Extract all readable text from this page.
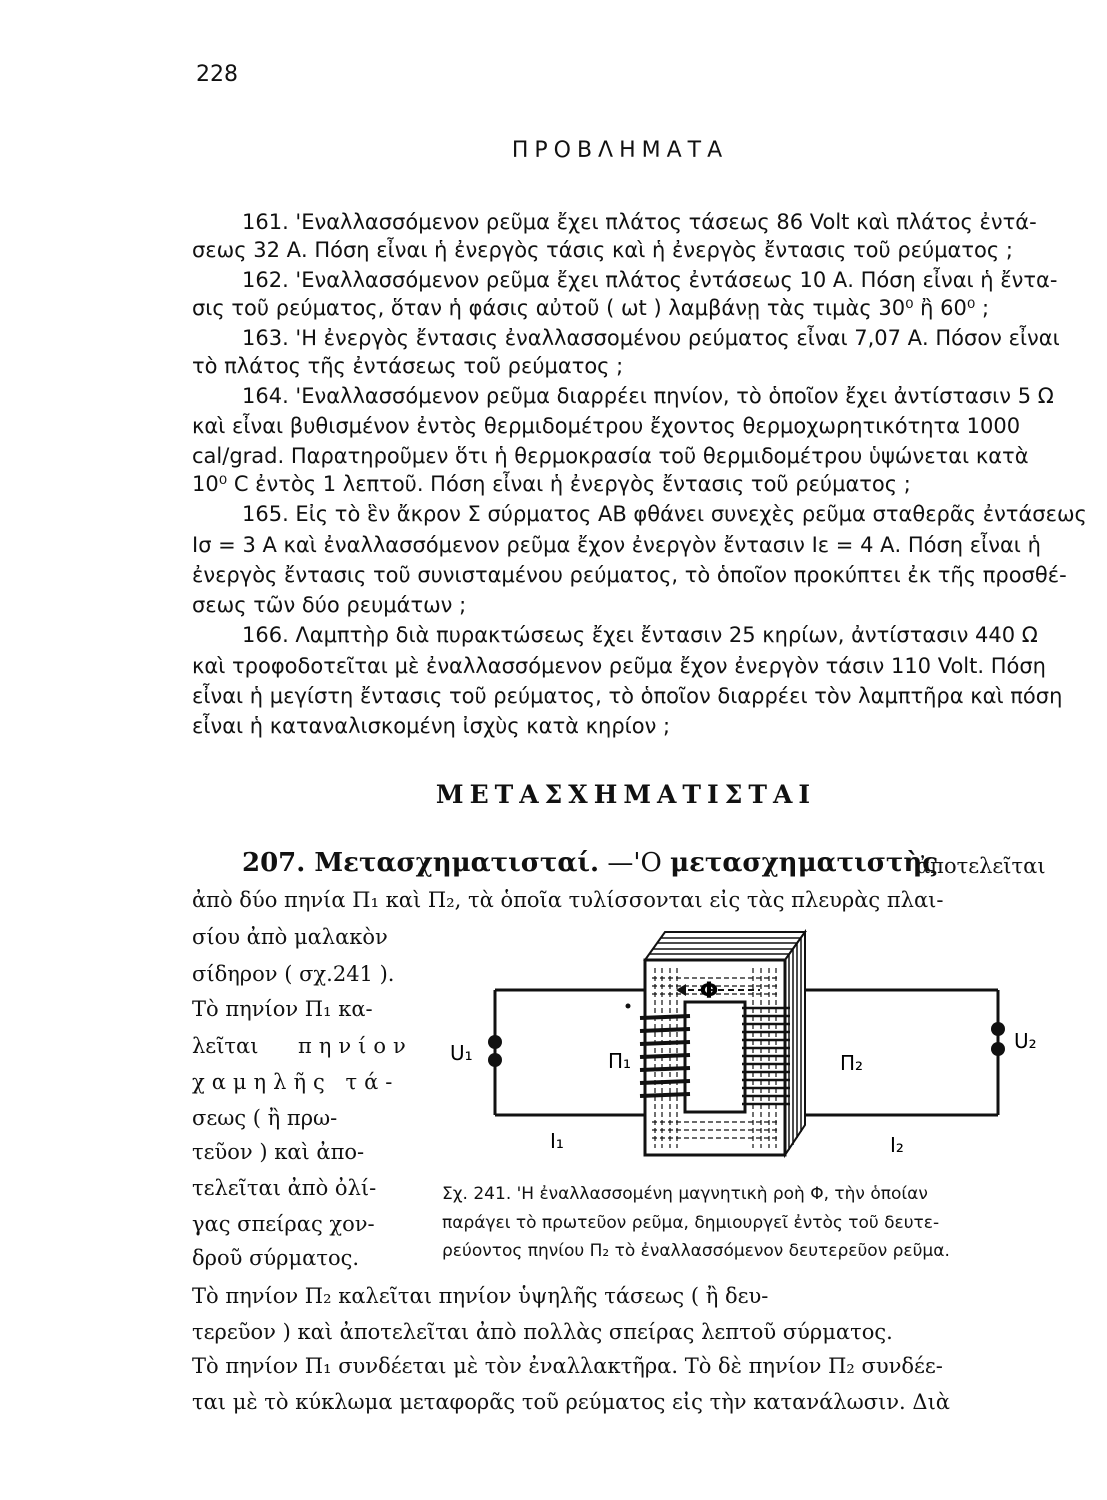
228
ΠΡΟΒΛΗΜΑΤΑ
161. 'Εναλλασσόμενον ρεῦμα ἔχει πλάτος τάσεως 86 Volt καὶ πλάτος ἐντά-
σεως 32 Α. Πόση εἶναι ἡ ἐνεργὸς τάσις καὶ ἡ ἐνεργὸς ἔντασις τοῦ ρεύματος ;
162. 'Εναλλασσόμενον ρεῦμα ἔχει πλάτος ἐντάσεως 10 Α. Πόση εἶναι ἡ ἔντα-
σις τοῦ ρεύματος, ὅταν ἡ φάσις αὐτοῦ ( ωt ) λαμβάνῃ τὰς τιμὰς 30⁰ ἢ 60⁰ ;
163. 'Η ἐνεργὸς ἔντασις ἐναλλασσομένου ρεύματος εἶναι 7,07 Α. Πόσον εἶναι
τὸ πλάτος τῆς ἐντάσεως τοῦ ρεύματος ;
164. 'Εναλλασσόμενον ρεῦμα διαρρέει πηνίον, τὸ ὁποῖον ἔχει ἀντίστασιν 5 Ω
καὶ εἶναι βυθισμένον ἐντὸς θερμιδομέτρου ἔχοντος θερμοχωρητικότητα 1000
cal/grad. Παρατηροῦμεν ὅτι ἡ θερμοκρασία τοῦ θερμιδομέτρου ὑψώνεται κατὰ
10⁰ C ἐντὸς 1 λεπτοῦ. Πόση εἶναι ἡ ἐνεργὸς ἔντασις τοῦ ρεύματος ;
165. Εἰς τὸ ἓν ἄκρον Σ σύρματος ΑΒ φθάνει συνεχὲς ρεῦμα σταθερᾶς ἐντάσεως
Iσ = 3 Α καὶ ἐναλλασσόμενον ρεῦμα ἔχον ἐνεργὸν ἔντασιν Iε = 4 Α. Πόση εἶναι ἡ
ἐνεργὸς ἔντασις τοῦ συνισταμένου ρεύματος, τὸ ὁποῖον προκύπτει ἐκ τῆς προσθέ-
σεως τῶν δύο ρευμάτων ;
166. Λαμπτὴρ διὰ πυρακτώσεως ἔχει ἔντασιν 25 κηρίων, ἀντίστασιν 440 Ω
καὶ τροφοδοτεῖται μὲ ἐναλλασσόμενον ρεῦμα ἔχον ἐνεργὸν τάσιν 110 Volt. Πόση
εἶναι ἡ μεγίστη ἔντασις τοῦ ρεύματος, τὸ ὁποῖον διαρρέει τὸν λαμπτῆρα καὶ πόση
εἶναι ἡ καταναλισκομένη ἰσχὺς κατὰ κηρίον ;
ΜΕΤΑΣΧΗΜΑΤΙΣΤΑΙ
207. Μετασχηματισταί. —'Ο μετασχηματιστὴς
ἀποτελεῖται
ἀπὸ δύο πηνία Π₁ καὶ Π₂, τὰ ὁποῖα τυλίσσονται εἰς τὰς πλευρὰς πλαι-
σίου ἀπὸ μαλακὸν
σίδηρον ( σχ.241 ).
Τὸ πηνίον Π₁ κα-
λεῖται πηνίον
χαμηλῆς τά-
σεως ( ἢ πρω-
τεῦον ) καὶ ἀπο-
τελεῖται ἀπὸ ὀλί-
γας σπείρας χον-
δροῦ σύρματος.
Φ
U₁	U₂
Π₁	Π₂
I₁	I₂
Σχ. 241. 'Η ἐναλλασσομένη μαγνητικὴ ροὴ Φ, τὴν ὁποίαν
παράγει τὸ πρωτεῦον ρεῦμα, δημιουργεῖ ἐντὸς τοῦ δευτε-
ρεύοντος πηνίου Π₂ τὸ ἐναλλασσόμενον δευτερεῦον ρεῦμα.
Τὸ πηνίον Π₂ καλεῖται πηνίον ὑψηλῆς τάσεως ( ἢ δευ-
τερεῦον ) καὶ ἀποτελεῖται ἀπὸ πολλὰς σπείρας λεπτοῦ σύρματος.
Τὸ πηνίον Π₁ συνδέεται μὲ τὸν ἐναλλακτῆρα. Τὸ δὲ πηνίον Π₂ συνδέε-
ται μὲ τὸ κύκλωμα μεταφορᾶς τοῦ ρεύματος εἰς τὴν κατανάλωσιν. Διὰ
